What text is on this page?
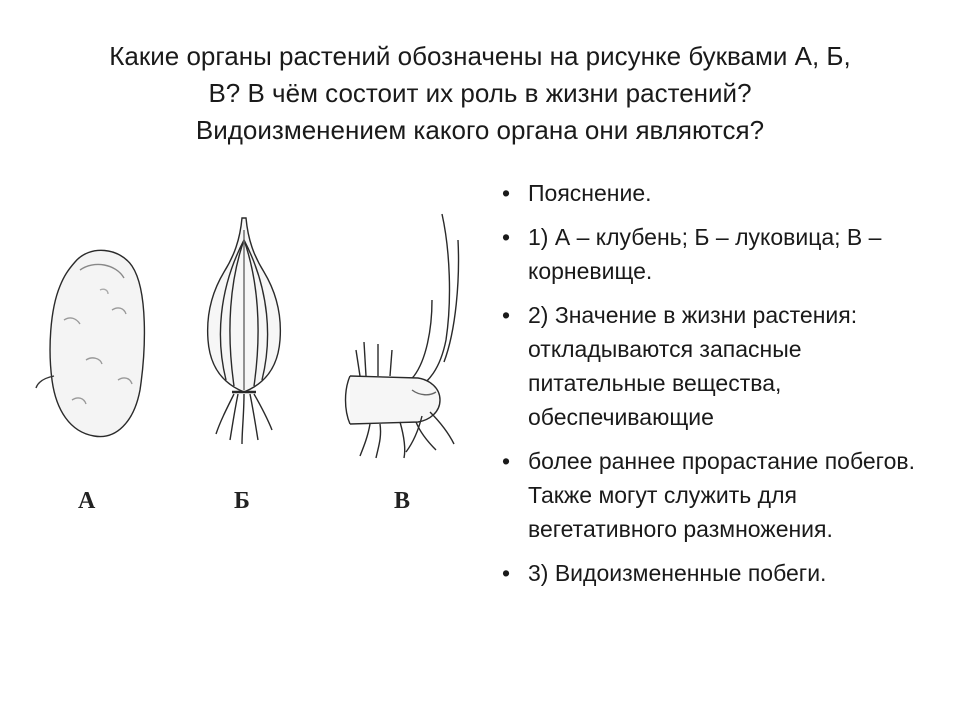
Какие органы растений обозначены на рисунке буквами А, Б,
В? В чём состоит их роль в жизни растений?
Видоизменением какого органа они являются?
А	Б	В
• Пояснение.
• 1) А – клубень; Б – луковица; В – корневище.
• 2) Значение в жизни растения: откладываются запасные питательные вещества, обеспечивающие
• более раннее прорастание побегов. Также могут служить для вегетативного размножения.
• 3) Видоизмененные побеги.
